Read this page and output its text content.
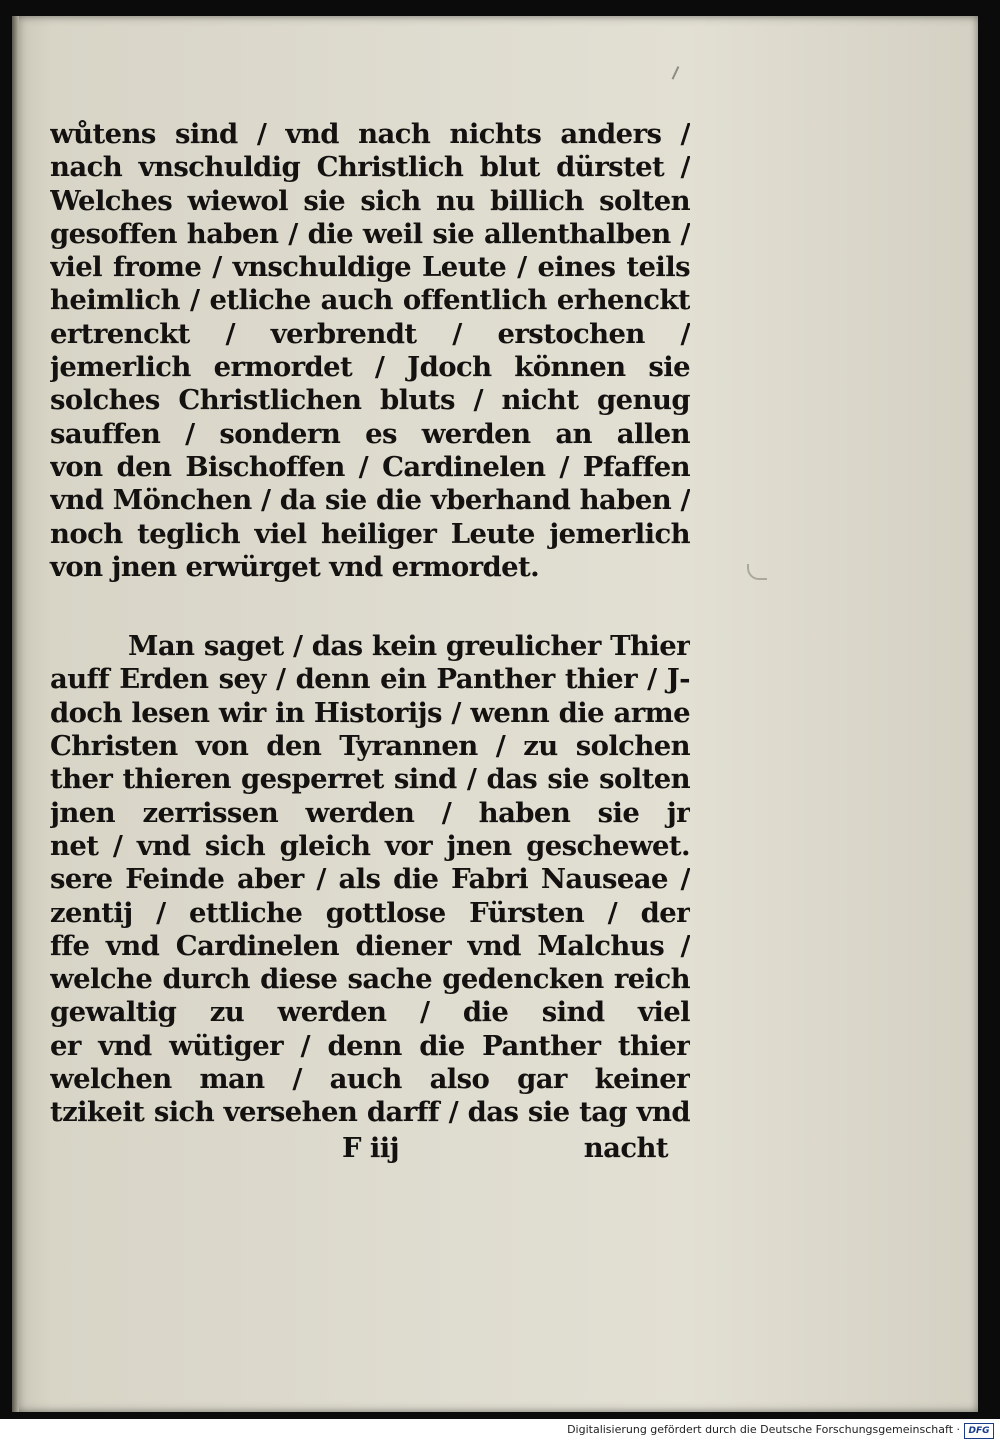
wůtens sind / vnd nach nichts anders /
nach vnschuldig Christlich blut dürstet /
Welches wiewol sie sich nu billich solten
gesoffen haben / die weil sie allenthalben /
viel frome / vnschuldige Leute / eines teils
heimlich / etliche auch offentlich erhenckt
ertrenckt / verbrendt / erstochen /
jemerlich ermordet / Jdoch können sie
solches Christlichen bluts / nicht genug
sauffen / sondern es werden an allen
von den Bischoffen / Cardinelen / Pfaffen
vnd Mönchen / da sie die vberhand haben /
noch teglich viel heiliger Leute jemerlich
von jnen erwürget vnd ermordet.
Man saget / das kein greulicher Thier
auff Erden sey / denn ein Panther thier / J-
doch lesen wir in Historijs / wenn die arme
Christen von den Tyrannen / zu solchen
ther thieren gesperret sind / das sie solten
jnen zerrissen werden / haben sie jr
net / vnd sich gleich vor jnen geschewet.
sere Feinde aber / als die Fabri Nauseae /
zentij / ettliche gottlose Fürsten / der
ffe vnd Cardinelen diener vnd Malchus /
welche durch diese sache gedencken reich
gewaltig zu werden / die sind viel
er vnd wütiger / denn die Panther thier
welchen man / auch also gar keiner
tzikeit sich versehen darff / das sie tag vnd
F iij	nacht
Digitalisierung gefördert durch die Deutsche Forschungsgemeinschaft · DFG
